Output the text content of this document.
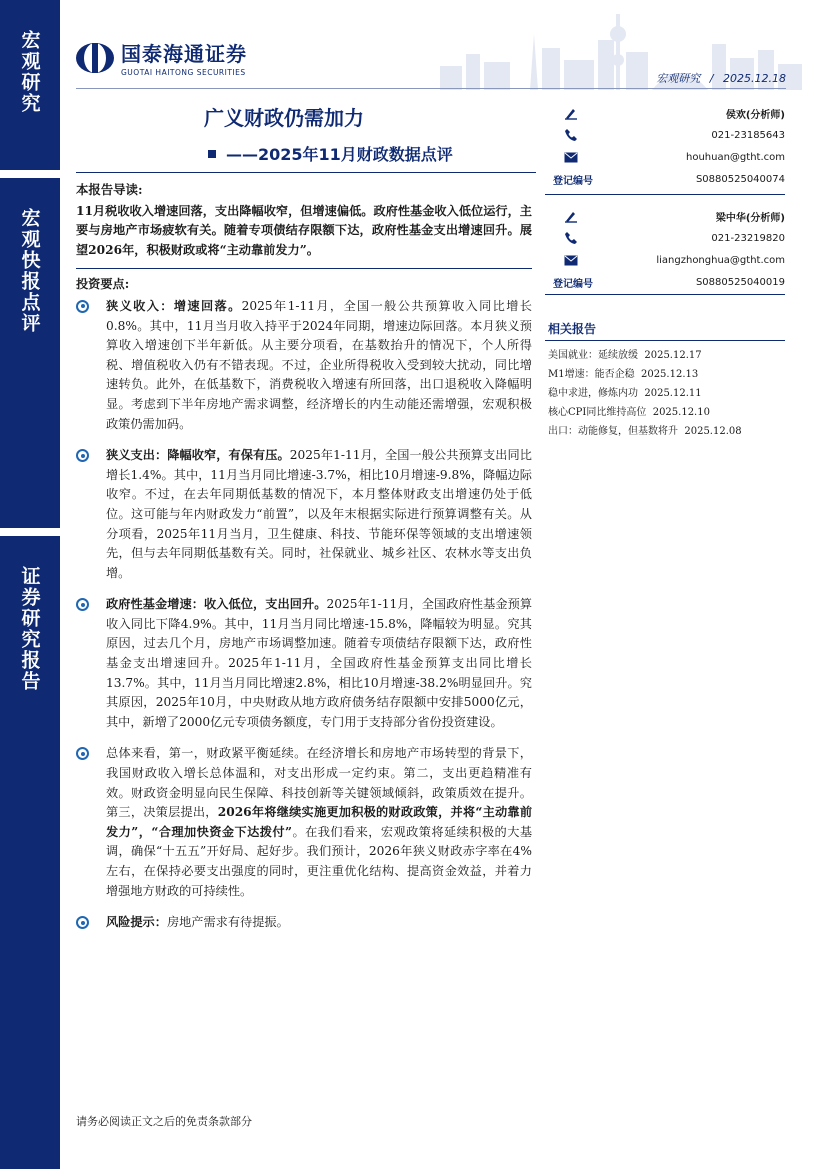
宏观研究
宏观快报点评
证券研究报告
国泰海通证券
GUOTAI HAITONG SECURITIES	宏观研究 / 2025.12.18
广义财政仍需加力
——2025年11月财政数据点评
本报告导读:
11月税收收入增速回落，支出降幅收窄，但增速偏低。政府性基金收入低位运行，主要与房地产市场疲软有关。随着专项债结存限额下达，政府性基金支出增速回升。展望2026年，积极财政或将“主动靠前发力”。
投资要点:
狭义收入：增速回落。2025年1-11月，全国一般公共预算收入同比增长0.8%。其中，11月当月收入持平于2024年同期，增速边际回落。本月狭义预算收入增速创下半年新低。从主要分项看，在基数抬升的情况下，个人所得税、增值税收入仍有不错表现。不过，企业所得税收入受到较大扰动，同比增速转负。此外，在低基数下，消费税收入增速有所回落，出口退税收入降幅明显。考虑到下半年房地产需求调整，经济增长的内生动能还需增强，宏观积极政策仍需加码。
狭义支出：降幅收窄，有保有压。2025年1-11月，全国一般公共预算支出同比增长1.4%。其中，11月当月同比增速-3.7%，相比10月增速-9.8%，降幅边际收窄。不过，在去年同期低基数的情况下，本月整体财政支出增速仍处于低位。这可能与年内财政发力“前置”，以及年末根据实际进行预算调整有关。从分项看，2025年11月当月，卫生健康、科技、节能环保等领域的支出增速领先，但与去年同期低基数有关。同时，社保就业、城乡社区、农林水等支出负增。
政府性基金增速：收入低位，支出回升。2025年1-11月，全国政府性基金预算收入同比下降4.9%。其中，11月当月同比增速-15.8%，降幅较为明显。究其原因，过去几个月，房地产市场调整加速。随着专项债结存限额下达，政府性基金支出增速回升。2025年1-11月，全国政府性基金预算支出同比增长13.7%。其中，11月当月同比增速2.8%，相比10月增速-38.2%明显回升。究其原因，2025年10月，中央财政从地方政府债务结存限额中安排5000亿元，其中，新增了2000亿元专项债务额度，专门用于支持部分省份投资建设。
总体来看，第一，财政紧平衡延续。在经济增长和房地产市场转型的背景下，我国财政收入增长总体温和，对支出形成一定约束。第二，支出更趋精准有效。财政资金明显向民生保障、科技创新等关键领域倾斜，政策质效在提升。第三，决策层提出，2026年将继续实施更加积极的财政政策，并将“主动靠前发力”，“合理加快资金下达拨付”。在我们看来，宏观政策将延续积极的大基调，确保“十五五”开好局、起好步。我们预计，2026年狭义财政赤字率在4%左右，在保持必要支出强度的同时，更注重优化结构、提高资金效益，并着力增强地方财政的可持续性。
风险提示：房地产需求有待提振。
侯欢(分析师)
021-23185643
houhuan@gtht.com
登记编号	S0880525040074
梁中华(分析师)
021-23219820
liangzhonghua@gtht.com
登记编号	S0880525040019
相关报告
美国就业：延续放缓 2025.12.17
M1增速：能否企稳 2025.12.13
稳中求进，修炼内功 2025.12.11
核心CPI同比维持高位 2025.12.10
出口：动能修复，但基数将升 2025.12.08
请务必阅读正文之后的免责条款部分
